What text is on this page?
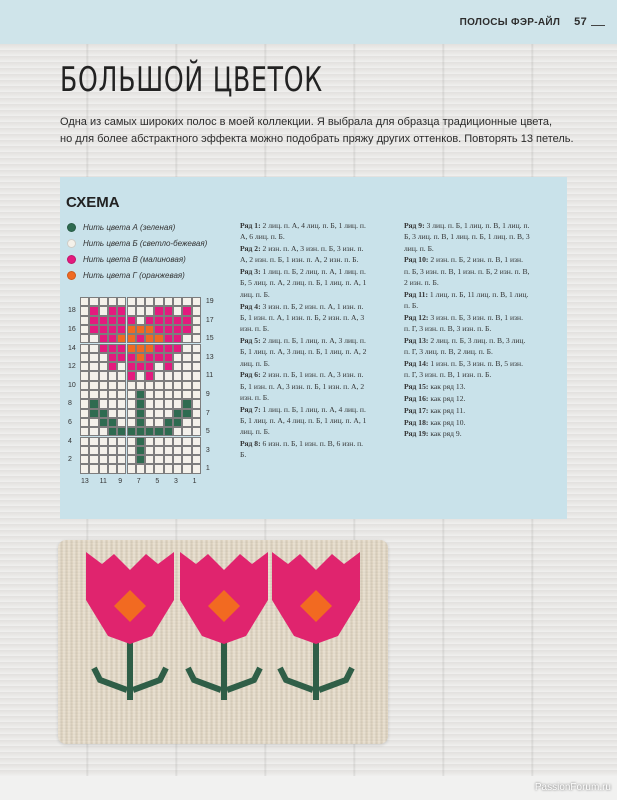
ПОЛОСЫ ФЭР-АЙЛ 57
БОЛЬШОЙ ЦВЕТОК
Одна из самых широких полос в моей коллекции. Я выбрала для образца традиционные цвета,
но для более абстрактного эффекта можно подобрать пряжу других оттенков. Повторять 13 петель.
СХЕМА
Нить цвета А (зеленая)
Нить цвета Б (светло-бежевая)
Нить цвета В (малиновая)
Нить цвета Г (оранжевая)
18
16
14
12
10
8
6
4
2
19
17
15
13
11
9
7
5
3
1
13 11 9 7 5 3 1
Ряд 1: 2 лиц. п. А, 4 лиц. п. Б, 1 лиц. п. А, 6 лиц. п. Б.
Ряд 2: 2 изн. п. А, 3 изн. п. Б, 3 изн. п. А, 2 изн. п. Б, 1 изн. п. А, 2 изн. п. Б.
Ряд 3: 1 лиц. п. Б, 2 лиц. п. А, 1 лиц. п. Б, 5 лиц. п. А, 2 лиц. п. Б, 1 лиц. п. А, 1 лиц. п. Б.
Ряд 4: 3 изн. п. Б, 2 изн. п. А, 1 изн. п. Б, 1 изн. п. А, 1 изн. п. Б, 2 изн. п. А, 3 изн. п. Б.
Ряд 5: 2 лиц. п. Б, 1 лиц. п. А, 3 лиц. п. Б, 1 лиц. п. А, 3 лиц. п. Б, 1 лиц. п. А, 2 лиц. п. Б.
Ряд 6: 2 изн. п. Б, 1 изн. п. А, 3 изн. п. Б, 1 изн. п. А, 3 изн. п. Б, 1 изн. п. А, 2 изн. п. Б.
Ряд 7: 1 лиц. п. Б, 1 лиц. п. А, 4 лиц. п. Б, 1 лиц. п. А, 4 лиц. п. Б, 1 лиц. п. А, 1 лиц. п. Б.
Ряд 8: 6 изн. п. Б, 1 изн. п. В, 6 изн. п. Б.
Ряд 9: 3 лиц. п. Б, 1 лиц. п. В, 1 лиц. п. Б, 3 лиц. п. В, 1 лиц. п. Б, 1 лиц. п. В, 3 лиц. п. Б.
Ряд 10: 2 изн. п. Б, 2 изн. п. В, 1 изн. п. Б, 3 изн. п. В, 1 изн. п. Б, 2 изн. п. В, 2 изн. п. Б.
Ряд 11: 1 лиц. п. Б, 11 лиц. п. В, 1 лиц. п. Б.
Ряд 12: 3 изн. п. Б, 3 изн. п. В, 1 изн. п. Г, 3 изн. п. В, 3 изн. п. Б.
Ряд 13: 2 лиц. п. Б, 3 лиц. п. В, 3 лиц. п. Г, 3 лиц. п. В, 2 лиц. п. Б.
Ряд 14: 1 изн. п. Б, 3 изн. п. В, 5 изн. п. Г, 3 изн. п. В, 1 изн. п. Б.
Ряд 15: как ряд 13.
Ряд 16: как ряд 12.
Ряд 17: как ряд 11.
Ряд 18: как ряд 10.
Ряд 19: как ряд 9.
PassionForum.ru
